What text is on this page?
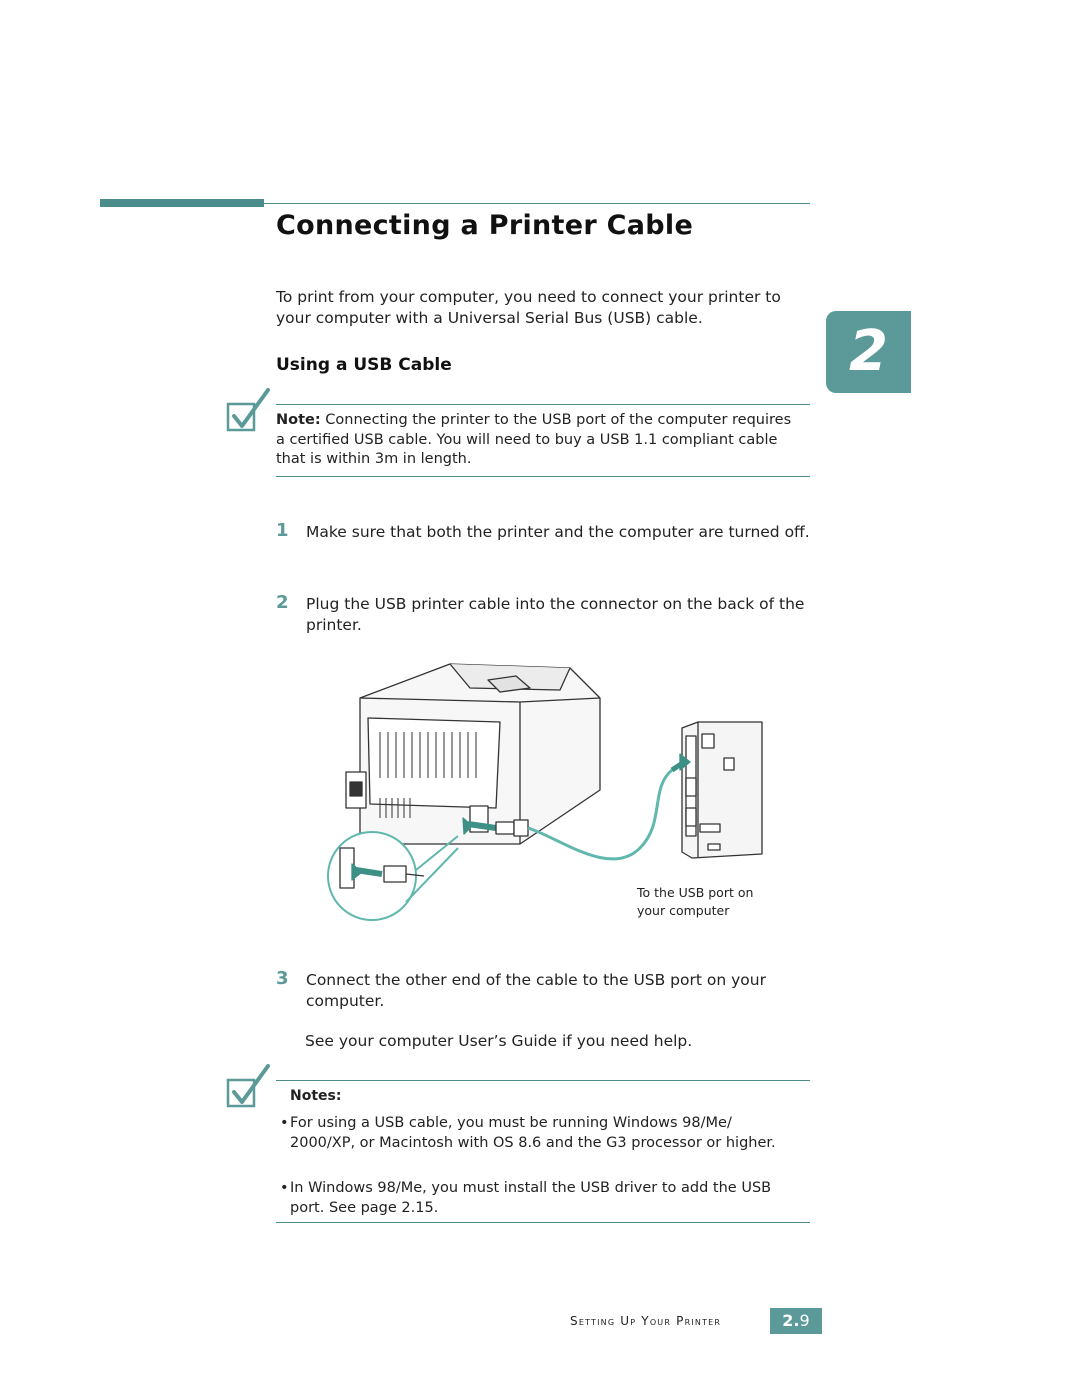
Connecting a Printer Cable
To print from your computer, you need to connect your printer to your computer with a Universal Serial Bus (USB) cable.
2
Using a USB Cable
Note: Connecting the printer to the USB port of the computer requires a certified USB cable. You will need to buy a USB 1.1 compliant cable that is within 3m in length.
1 Make sure that both the printer and the computer are turned off.
2 Plug the USB printer cable into the connector on the back of the printer.
To the USB port on your computer
3 Connect the other end of the cable to the USB port on your computer.
See your computer User’s Guide if you need help.
Notes:
• For using a USB cable, you must be running Windows 98/Me/ 2000/XP, or Macintosh with OS 8.6 and the G3 processor or higher.
• In Windows 98/Me, you must install the USB driver to add the USB port. See page 2.15.
Setting Up Your Printer	2.9
